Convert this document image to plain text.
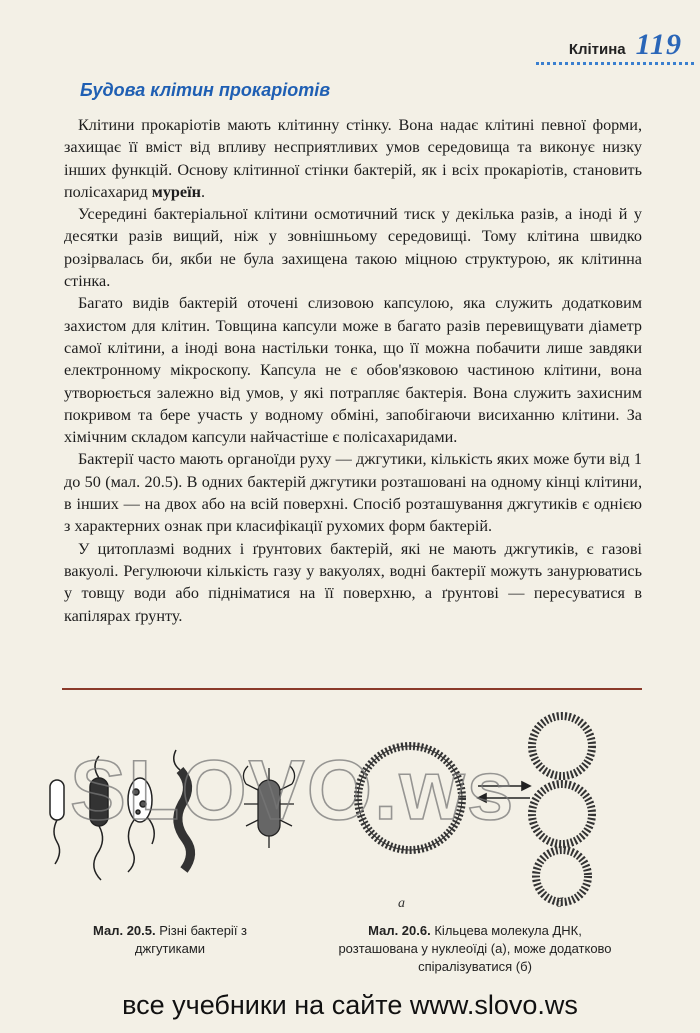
Клітина 119
Будова клітин прокаріотів

Клітини прокаріотів мають клітинну стінку. Вона надає клітині певної форми, захищає її вміст від впливу несприятливих умов середовища та виконує низку інших функцій. Основу клітинної стінки бактерій, як і всіх прокаріотів, становить полісахарид муреїн.

Усередині бактеріальної клітини осмотичний тиск у декілька разів, а іноді й у десятки разів вищий, ніж у зовнішньому середовищі. Тому клітина швидко розірвалась би, якби не була захищена такою міцною структурою, як клітинна стінка.

Багато видів бактерій оточені слизовою капсулою, яка служить додатковим захистом для клітин. Товщина капсули може в багато разів перевищувати діаметр самої клітини, а іноді вона настільки тонка, що її можна побачити лише завдяки електронному мікроскопу. Капсула не є обов'язковою частиною клітини, вона утворюється залежно від умов, у які потрапляє бактерія. Вона служить захисним покривом та бере участь у водному обміні, запобігаючи висиханню клітини. За хімічним складом капсули найчастіше є полісахаридами.

Бактерії часто мають органоїди руху — джгутики, кількість яких може бути від 1 до 50 (мал. 20.5). В одних бактерій джгутики розташовані на одному кінці клітини, в інших — на двох або на всій поверхні. Спосіб розташування джгутиків є однією з характерних ознак при класифікації рухомих форм бактерій.

У цитоплазмі водних і ґрунтових бактерій, які не мають джгутиків, є газові вакуолі. Регулюючи кількість газу у вакуолях, водні бактерії можуть занурюватись у товщу води або підніматися на її поверхню, а ґрунтові — пересуватися в капілярах ґрунту.

SLOVO.ws
а	б
Мал. 20.5. Різні бактерії з джгутиками
Мал. 20.6. Кільцева молекула ДНК, розташована у нуклеоїді (а), може додатково спіралізуватися (б)
все учебники на сайте www.slovo.ws
